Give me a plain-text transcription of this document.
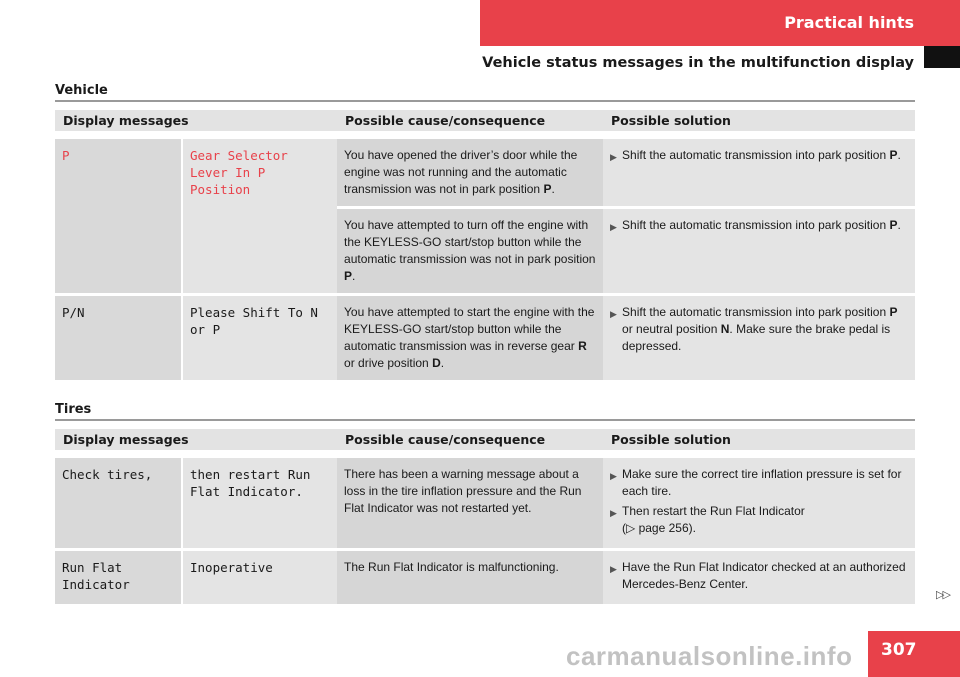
Practical hints
Vehicle status messages in the multifunction display
Vehicle
Display messages		Possible cause/consequence	Possible solution
P	Gear Selector Lever In P Position	You have opened the driver’s door while the engine was not running and the automatic transmission was not in park position P.	▶ Shift the automatic transmission into park position P.

		You have attempted to turn off the engine with the KEYLESS-GO start/stop button while the automatic transmission was not in park position P.	▶ Shift the automatic transmission into park position P.

P/N	Please Shift To N or P	You have attempted to start the engine with the KEYLESS-GO start/stop button while the automatic transmission was in reverse gear R or drive position D.	▶ Shift the automatic transmission into park position P or neutral position N. Make sure the brake pedal is depressed.
Tires
Display messages		Possible cause/consequence	Possible solution
Check tires,	then restart Run Flat Indicator.	There has been a warning message about a loss in the tire inflation pressure and the Run Flat Indicator was not restarted yet.	▶ Make sure the correct tire inflation pressure is set for each tire.
▶ Then restart the Run Flat Indicator
(▷ page 256).

Run Flat Indicator	Inoperative	The Run Flat Indicator is malfunctioning.	▶ Have the Run Flat Indicator checked at an authorized Mercedes-Benz Center.
▷▷
carmanualsonline.info 307
